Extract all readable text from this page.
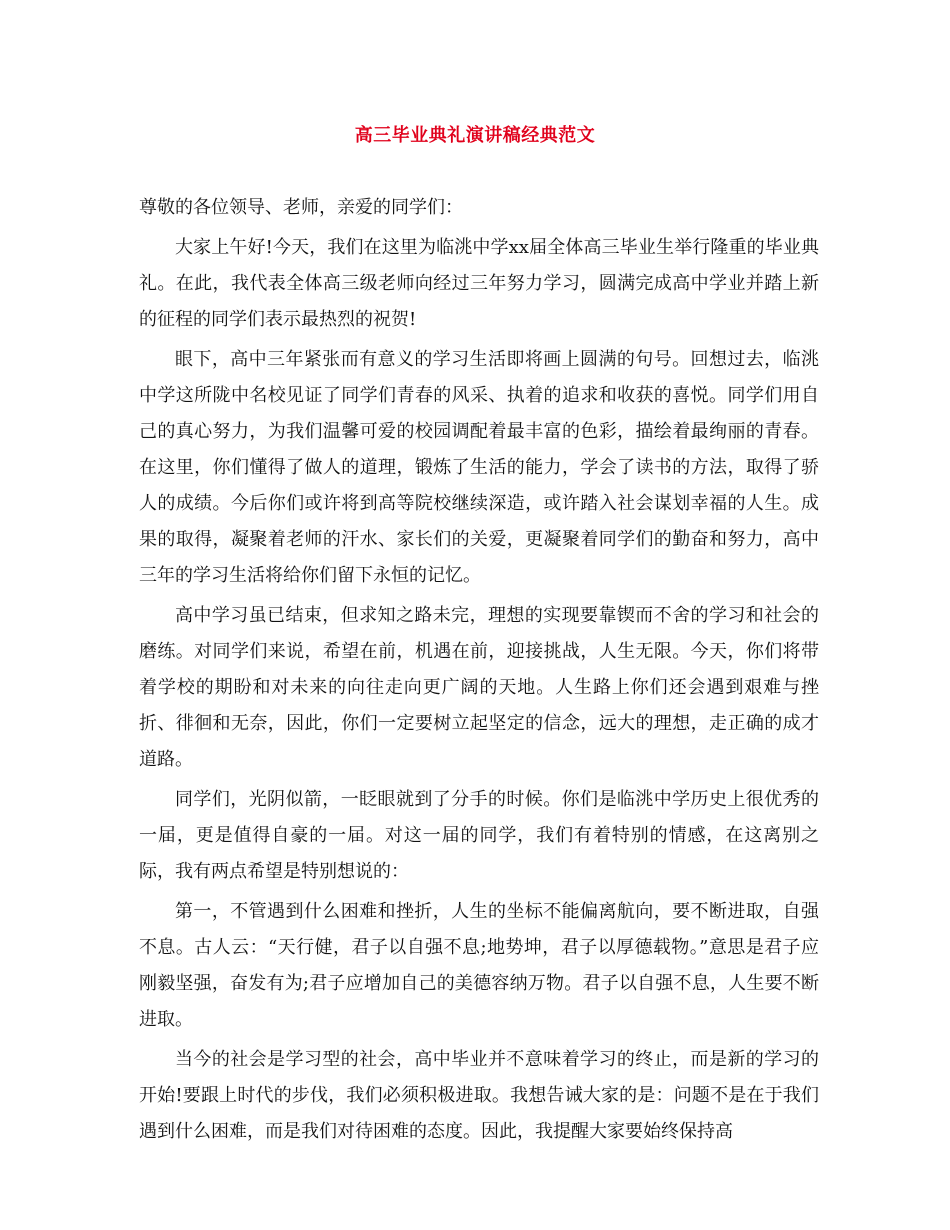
高三毕业典礼演讲稿经典范文

尊敬的各位领导、老师，亲爱的同学们：

大家上午好!今天，我们在这里为临洮中学xx届全体高三毕业生举行隆重的毕业典礼。在此，我代表全体高三级老师向经过三年努力学习，圆满完成高中学业并踏上新的征程的同学们表示最热烈的祝贺!

眼下，高中三年紧张而有意义的学习生活即将画上圆满的句号。回想过去，临洮中学这所陇中名校见证了同学们青春的风采、执着的追求和收获的喜悦。同学们用自己的真心努力，为我们温馨可爱的校园调配着最丰富的色彩，描绘着最绚丽的青春。在这里，你们懂得了做人的道理，锻炼了生活的能力，学会了读书的方法，取得了骄人的成绩。今后你们或许将到高等院校继续深造，或许踏入社会谋划幸福的人生。成果的取得，凝聚着老师的汗水、家长们的关爱，更凝聚着同学们的勤奋和努力，高中三年的学习生活将给你们留下永恒的记忆。

高中学习虽已结束，但求知之路未完，理想的实现要靠锲而不舍的学习和社会的磨练。对同学们来说，希望在前，机遇在前，迎接挑战，人生无限。今天，你们将带着学校的期盼和对未来的向往走向更广阔的天地。人生路上你们还会遇到艰难与挫折、徘徊和无奈，因此，你们一定要树立起坚定的信念，远大的理想，走正确的成才道路。

同学们，光阴似箭，一眨眼就到了分手的时候。你们是临洮中学历史上很优秀的一届，更是值得自豪的一届。对这一届的同学，我们有着特别的情感，在这离别之际，我有两点希望是特别想说的：

第一，不管遇到什么困难和挫折，人生的坐标不能偏离航向，要不断进取，自强不息。古人云：“天行健，君子以自强不息;地势坤，君子以厚德载物。”意思是君子应刚毅坚强，奋发有为;君子应增加自己的美德容纳万物。君子以自强不息，人生要不断进取。

当今的社会是学习型的社会，高中毕业并不意味着学习的终止，而是新的学习的开始!要跟上时代的步伐，我们必须积极进取。我想告诫大家的是：问题不是在于我们遇到什么困难，而是我们对待困难的态度。因此，我提醒大家要始终保持高
